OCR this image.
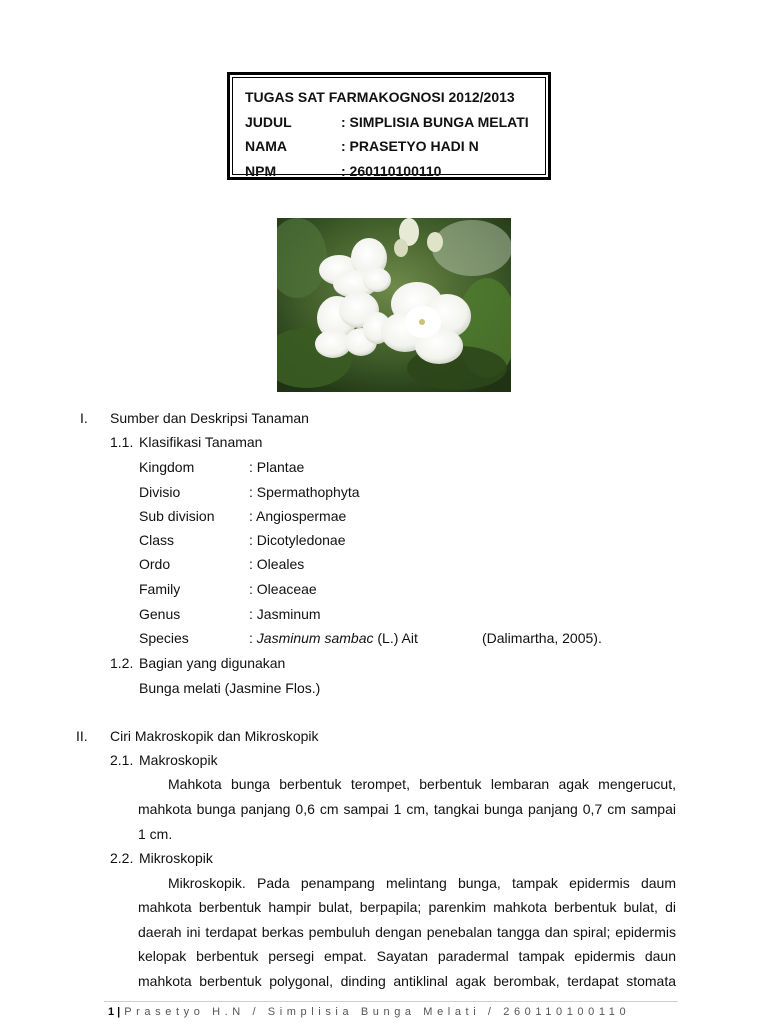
TUGAS SAT FARMAKOGNOSI 2012/2013
JUDUL	: SIMPLISIA BUNGA MELATI
NAMA	: PRASETYO HADI N
NPM	: 260110100110
I. Sumber dan Deskripsi Tanaman
1.1. Klasifikasi Tanaman
Kingdom	: Plantae
Divisio	: Spermathophyta
Sub division : Angiospermae
Class	: Dicotyledonae
Ordo	: Oleales
Family	: Oleaceae
Genus	: Jasminum
Species	: Jasminum sambac (L.) Ait	(Dalimartha, 2005).
1.2. Bagian yang digunakan
Bunga melati (Jasmine Flos.)
II. Ciri Makroskopik dan Mikroskopik
2.1. Makroskopik
Mahkota bunga berbentuk terompet, berbentuk lembaran agak mengerucut,
mahkota bunga panjang 0,6 cm sampai 1 cm, tangkai bunga panjang 0,7 cm sampai
1 cm.
2.2. Mikroskopik
Mikroskopik. Pada penampang melintang bunga, tampak epidermis daum
mahkota berbentuk hampir bulat, berpapila; parenkim mahkota berbentuk bulat, di
daerah ini terdapat berkas pembuluh dengan penebalan tangga dan spiral; epidermis
kelopak berbentuk persegi empat. Sayatan paradermal tampak epidermis daun
mahkota berbentuk polygonal, dinding antiklinal agak berombak, terdapat stomata
1 | Prasetyo H.N / Simplisia Bunga Melati / 260110100110
